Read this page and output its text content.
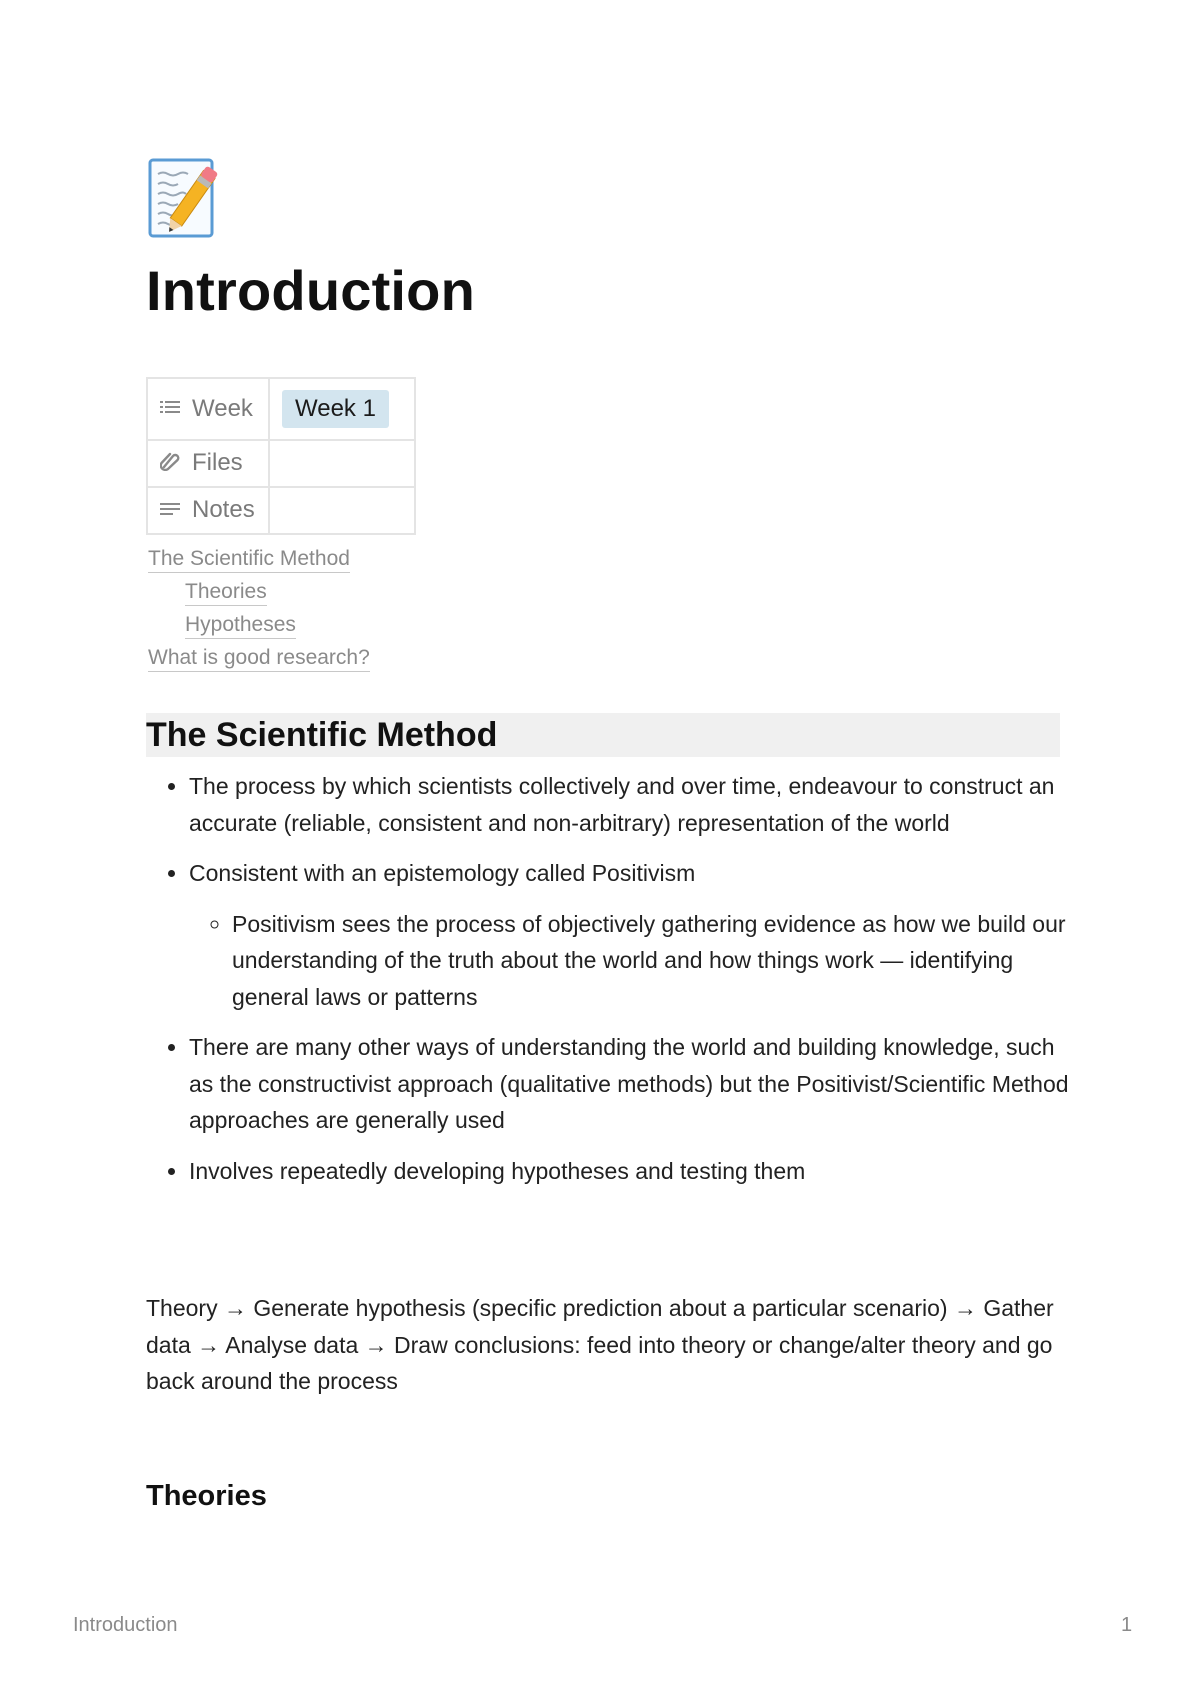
Introduction
Week	Week 1
Files	
Notes	
The Scientific Method
Theories
Hypotheses
What is good research?
The Scientific Method
• The process by which scientists collectively and over time, endeavour to construct an accurate (reliable, consistent and non-arbitrary) representation of the world
• Consistent with an epistemology called Positivism
◦ Positivism sees the process of objectively gathering evidence as how we build our understanding of the truth about the world and how things work — identifying general laws or patterns
• There are many other ways of understanding the world and building knowledge, such as the constructivist approach (qualitative methods) but the Positivist/Scientific Method approaches are generally used
• Involves repeatedly developing hypotheses and testing them

Theory → Generate hypothesis (specific prediction about a particular scenario) → Gather data → Analyse data → Draw conclusions: feed into theory or change/alter theory and go back around the process

Theories
Introduction	1
